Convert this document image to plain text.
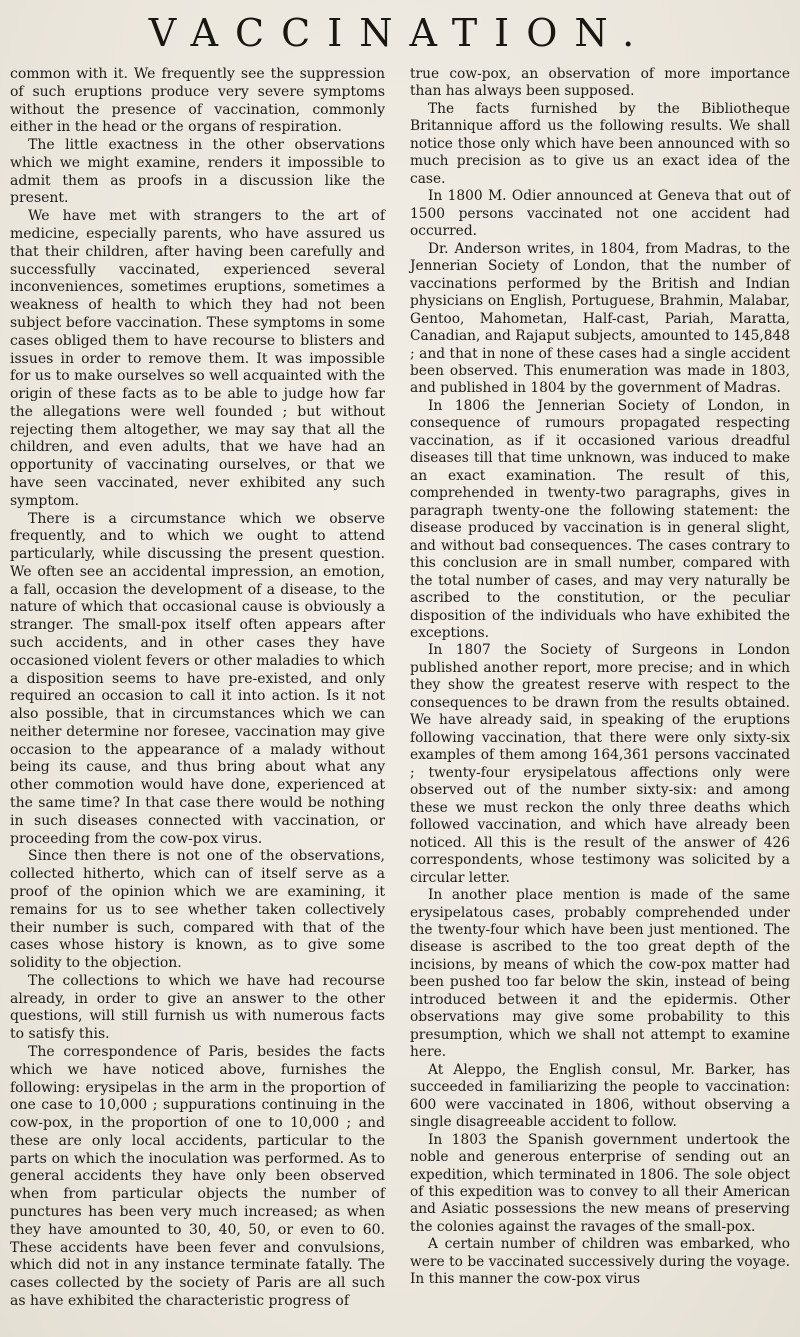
VACCINATION.

common with it. We frequently see the suppression of such eruptions produce very severe symptoms without the presence of vaccination, commonly either in the head or the organs of respiration.

The little exactness in the other observations which we might examine, renders it impossible to admit them as proofs in a discussion like the present.

We have met with strangers to the art of medicine, especially parents, who have assured us that their children, after having been carefully and successfully vaccinated, experienced several inconveniences, sometimes eruptions, sometimes a weakness of health to which they had not been subject before vaccination. These symptoms in some cases obliged them to have recourse to blisters and issues in order to remove them. It was impossible for us to make ourselves so well acquainted with the origin of these facts as to be able to judge how far the allegations were well founded ; but without rejecting them altogether, we may say that all the children, and even adults, that we have had an opportunity of vaccinating ourselves, or that we have seen vaccinated, never exhibited any such symptom.

There is a circumstance which we observe frequently, and to which we ought to attend particularly, while discussing the present question. We often see an accidental impression, an emotion, a fall, occasion the development of a disease, to the nature of which that occasional cause is obviously a stranger. The small-pox itself often appears after such accidents, and in other cases they have occasioned violent fevers or other maladies to which a disposition seems to have pre-existed, and only required an occasion to call it into action. Is it not also possible, that in circumstances which we can neither determine nor foresee, vaccination may give occasion to the appearance of a malady without being its cause, and thus bring about what any other commotion would have done, experienced at the same time? In that case there would be nothing in such diseases connected with vaccination, or proceeding from the cow-pox virus.

Since then there is not one of the observations, collected hitherto, which can of itself serve as a proof of the opinion which we are examining, it remains for us to see whether taken collectively their number is such, compared with that of the cases whose history is known, as to give some solidity to the objection.

The collections to which we have had recourse already, in order to give an answer to the other questions, will still furnish us with numerous facts to satisfy this.

The correspondence of Paris, besides the facts which we have noticed above, furnishes the following: erysipelas in the arm in the proportion of one case to 10,000 ; suppurations continuing in the cow-pox, in the proportion of one to 10,000 ; and these are only local accidents, particular to the parts on which the inoculation was performed. As to general accidents they have only been observed when from particular objects the number of punctures has been very much increased; as when they have amounted to 30, 40, 50, or even to 60. These accidents have been fever and convulsions, which did not in any instance terminate fatally. The cases collected by the society of Paris are all such as have exhibited the characteristic progress of

true cow-pox, an observation of more importance than has always been supposed.

The facts furnished by the Bibliotheque Britannique afford us the following results. We shall notice those only which have been announced with so much precision as to give us an exact idea of the case.

In 1800 M. Odier announced at Geneva that out of 1500 persons vaccinated not one accident had occurred.

Dr. Anderson writes, in 1804, from Madras, to the Jennerian Society of London, that the number of vaccinations performed by the British and Indian physicians on English, Portuguese, Brahmin, Malabar, Gentoo, Mahometan, Half-cast, Pariah, Maratta, Canadian, and Rajaput subjects, amounted to 145,848 ; and that in none of these cases had a single accident been observed. This enumeration was made in 1803, and published in 1804 by the government of Madras.

In 1806 the Jennerian Society of London, in consequence of rumours propagated respecting vaccination, as if it occasioned various dreadful diseases till that time unknown, was induced to make an exact examination. The result of this, comprehended in twenty-two paragraphs, gives in paragraph twenty-one the following statement: the disease produced by vaccination is in general slight, and without bad consequences. The cases contrary to this conclusion are in small number, compared with the total number of cases, and may very naturally be ascribed to the constitution, or the peculiar disposition of the individuals who have exhibited the exceptions.

In 1807 the Society of Surgeons in London published another report, more precise; and in which they show the greatest reserve with respect to the consequences to be drawn from the results obtained. We have already said, in speaking of the eruptions following vaccination, that there were only sixty-six examples of them among 164,361 persons vaccinated ; twenty-four erysipelatous affections only were observed out of the number sixty-six: and among these we must reckon the only three deaths which followed vaccination, and which have already been noticed. All this is the result of the answer of 426 correspondents, whose testimony was solicited by a circular letter.

In another place mention is made of the same erysipelatous cases, probably comprehended under the twenty-four which have been just mentioned. The disease is ascribed to the too great depth of the incisions, by means of which the cow-pox matter had been pushed too far below the skin, instead of being introduced between it and the epidermis. Other observations may give some probability to this presumption, which we shall not attempt to examine here.

At Aleppo, the English consul, Mr. Barker, has succeeded in familiarizing the people to vaccination: 600 were vaccinated in 1806, without observing a single disagreeable accident to follow.

In 1803 the Spanish government undertook the noble and generous enterprise of sending out an expedition, which terminated in 1806. The sole object of this expedition was to convey to all their American and Asiatic possessions the new means of preserving the colonies against the ravages of the small-pox.

A certain number of children was embarked, who were to be vaccinated successively during the voyage. In this manner the cow-pox virus
